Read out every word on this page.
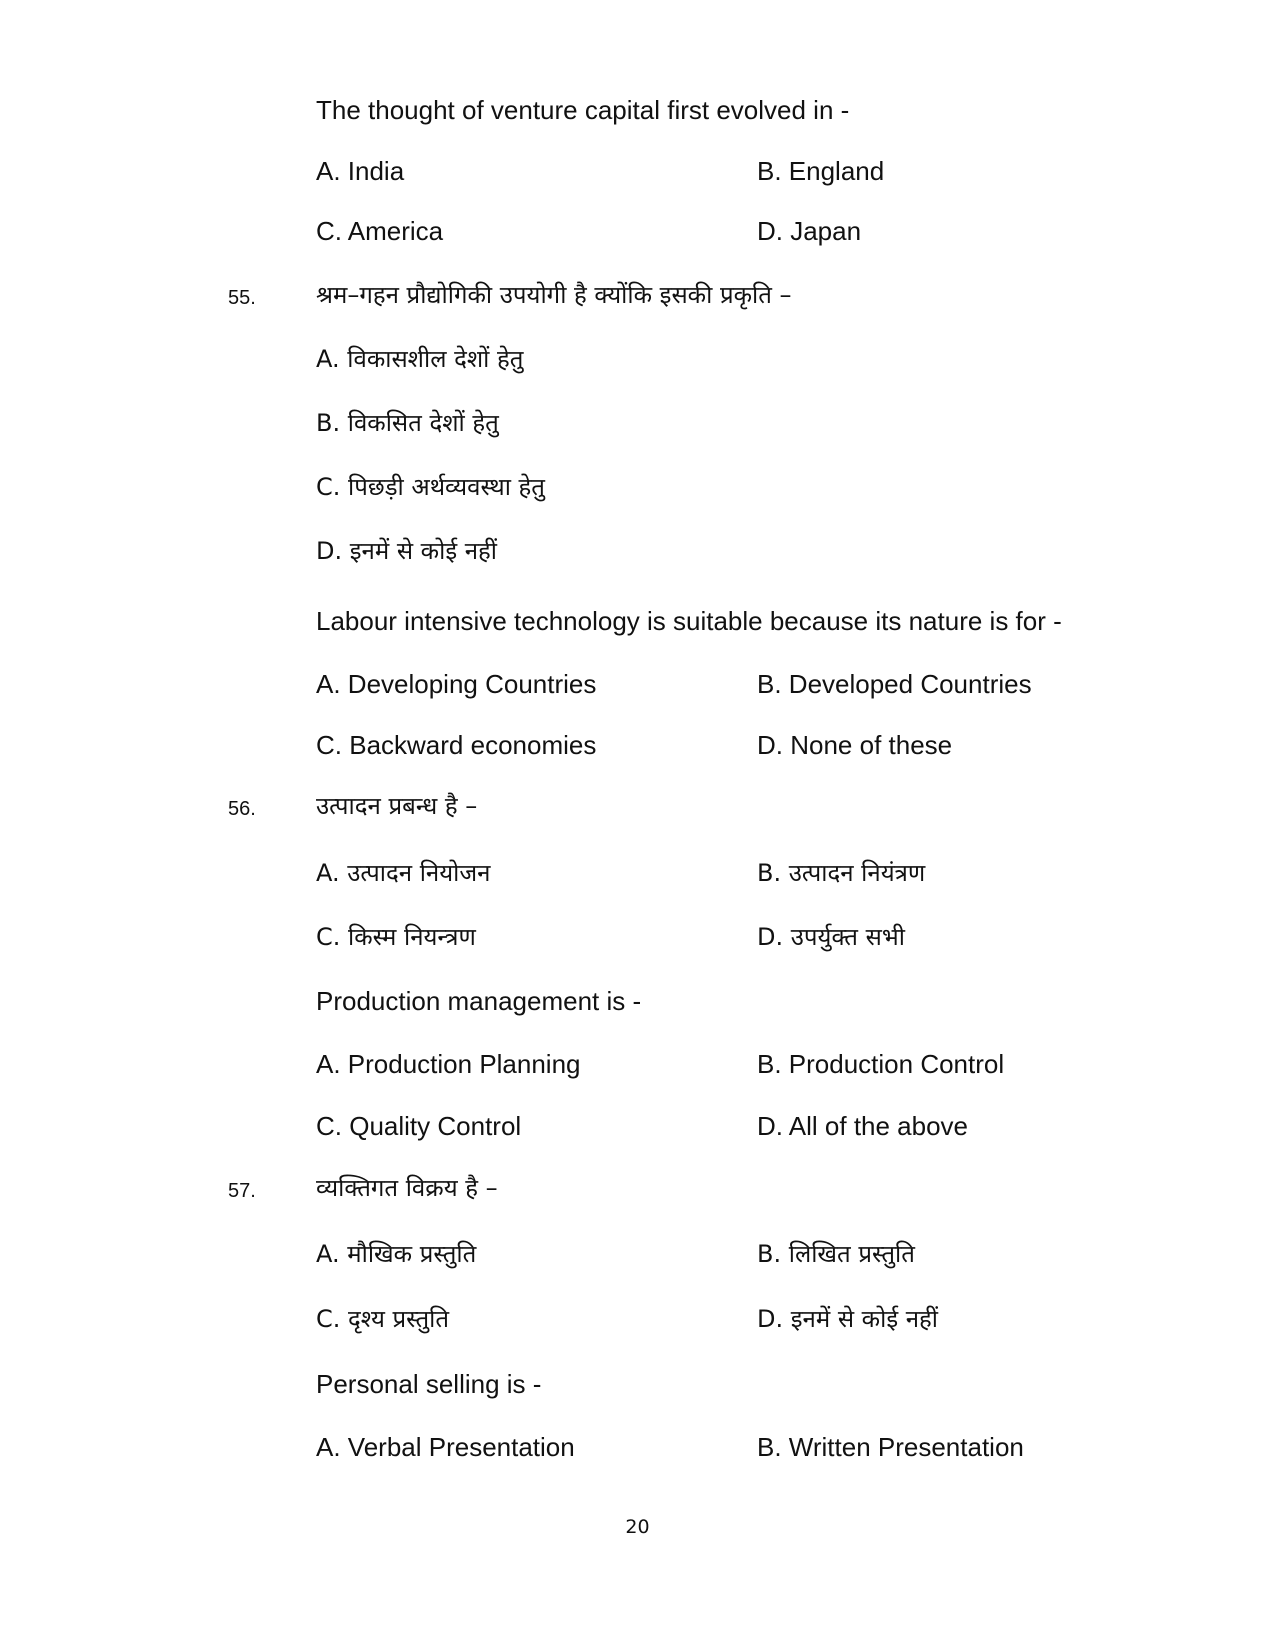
The thought of venture capital first evolved in -
A. India	B. England
C. America	D. Japan
55.	श्रम–गहन प्रौद्योगिकी उपयोगी है क्योंकि इसकी प्रकृति –
A. विकासशील देशों हेतु
B. विकसित देशों हेतु
C. पिछड़ी अर्थव्यवस्था हेतु
D. इनमें से कोई नहीं
Labour intensive technology is suitable because its nature is for -
A. Developing Countries	B. Developed Countries
C. Backward economies	D. None of these
56.	उत्पादन प्रबन्ध है –
A. उत्पादन नियोजन	B. उत्पादन नियंत्रण
C. किस्म नियन्त्रण	D. उपर्युक्त सभी
Production management is -
A. Production Planning	B. Production Control
C. Quality Control	D. All of the above
57.	व्यक्तिगत विक्रय है –
A. मौखिक प्रस्तुति	B. लिखित प्रस्तुति
C. दृश्य प्रस्तुति	D. इनमें से कोई नहीं
Personal selling is -
A. Verbal Presentation	B. Written Presentation
20
